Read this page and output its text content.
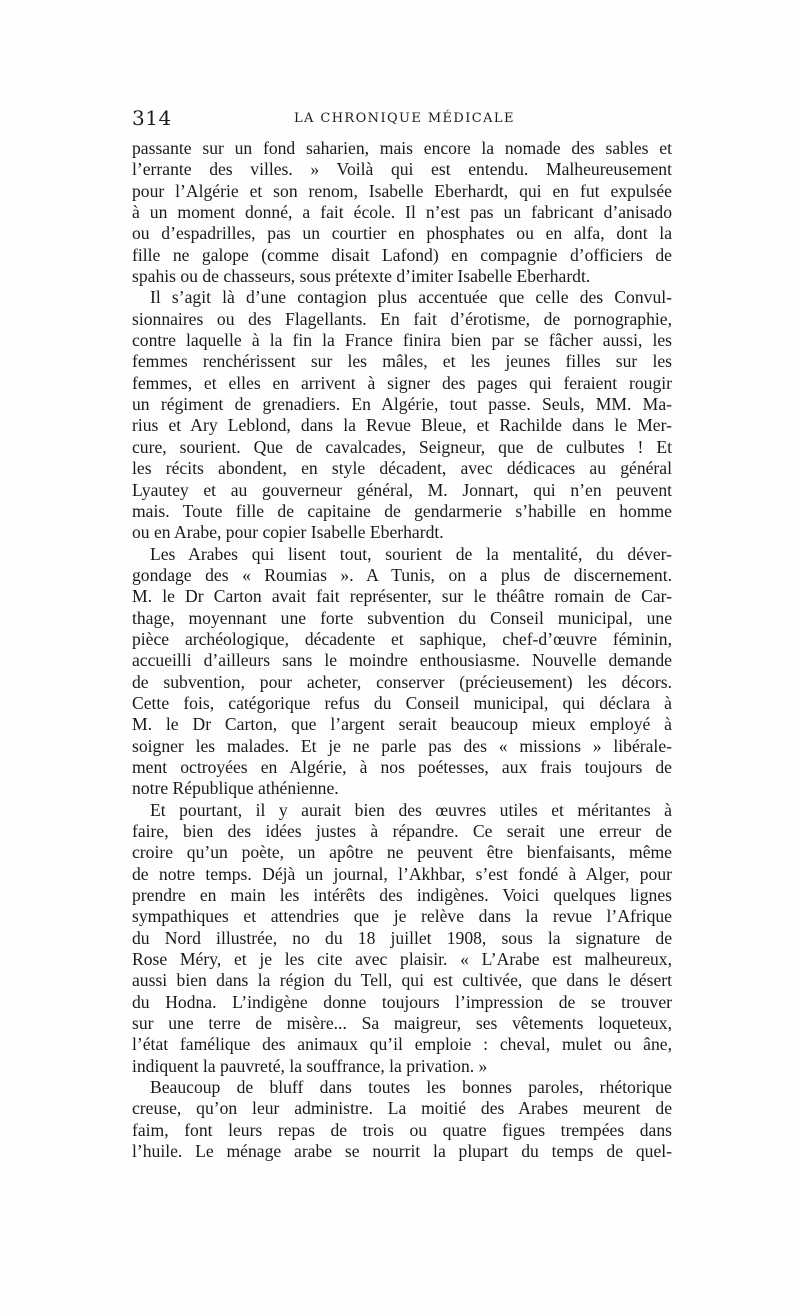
314	LA CHRONIQUE MÉDICALE
passante sur un fond saharien, mais encore la nomade des sables et
l’errante des villes. » Voilà qui est entendu. Malheureusement
pour l’Algérie et son renom, Isabelle Eberhardt, qui en fut expulsée
à un moment donné, a fait école. Il n’est pas un fabricant d’anisado
ou d’espadrilles, pas un courtier en phosphates ou en alfa, dont la
fille ne galope (comme disait Lafond) en compagnie d’officiers de
spahis ou de chasseurs, sous prétexte d’imiter Isabelle Eberhardt.
Il s’agit là d’une contagion plus accentuée que celle des Convul-
sionnaires ou des Flagellants. En fait d’érotisme, de pornographie,
contre laquelle à la fin la France finira bien par se fâcher aussi, les
femmes renchérissent sur les mâles, et les jeunes filles sur les
femmes, et elles en arrivent à signer des pages qui feraient rougir
un régiment de grenadiers. En Algérie, tout passe. Seuls, MM. Ma-
rius et Ary Leblond, dans la Revue Bleue, et Rachilde dans le Mer-
cure, sourient. Que de cavalcades, Seigneur, que de culbutes ! Et
les récits abondent, en style décadent, avec dédicaces au général
Lyautey et au gouverneur général, M. Jonnart, qui n’en peuvent
mais. Toute fille de capitaine de gendarmerie s’habille en homme
ou en Arabe, pour copier Isabelle Eberhardt.
Les Arabes qui lisent tout, sourient de la mentalité, du déver-
gondage des « Roumias ». A Tunis, on a plus de discernement.
M. le Dr Carton avait fait représenter, sur le théâtre romain de Car-
thage, moyennant une forte subvention du Conseil municipal, une
pièce archéologique, décadente et saphique, chef-d’œuvre féminin,
accueilli d’ailleurs sans le moindre enthousiasme. Nouvelle demande
de subvention, pour acheter, conserver (précieusement) les décors.
Cette fois, catégorique refus du Conseil municipal, qui déclara à
M. le Dr Carton, que l’argent serait beaucoup mieux employé à
soigner les malades. Et je ne parle pas des « missions » libérale-
ment octroyées en Algérie, à nos poétesses, aux frais toujours de
notre République athénienne.
Et pourtant, il y aurait bien des œuvres utiles et méritantes à
faire, bien des idées justes à répandre. Ce serait une erreur de
croire qu’un poète, un apôtre ne peuvent être bienfaisants, même
de notre temps. Déjà un journal, l’Akhbar, s’est fondé à Alger, pour
prendre en main les intérêts des indigènes. Voici quelques lignes
sympathiques et attendries que je relève dans la revue l’Afrique
du Nord illustrée, no du 18 juillet 1908, sous la signature de
Rose Méry, et je les cite avec plaisir. « L’Arabe est malheureux,
aussi bien dans la région du Tell, qui est cultivée, que dans le désert
du Hodna. L’indigène donne toujours l’impression de se trouver
sur une terre de misère... Sa maigreur, ses vêtements loqueteux,
l’état famélique des animaux qu’il emploie : cheval, mulet ou âne,
indiquent la pauvreté, la souffrance, la privation. »
Beaucoup de bluff dans toutes les bonnes paroles, rhétorique
creuse, qu’on leur administre. La moitié des Arabes meurent de
faim, font leurs repas de trois ou quatre figues trempées dans
l’huile. Le ménage arabe se nourrit la plupart du temps de quel-
